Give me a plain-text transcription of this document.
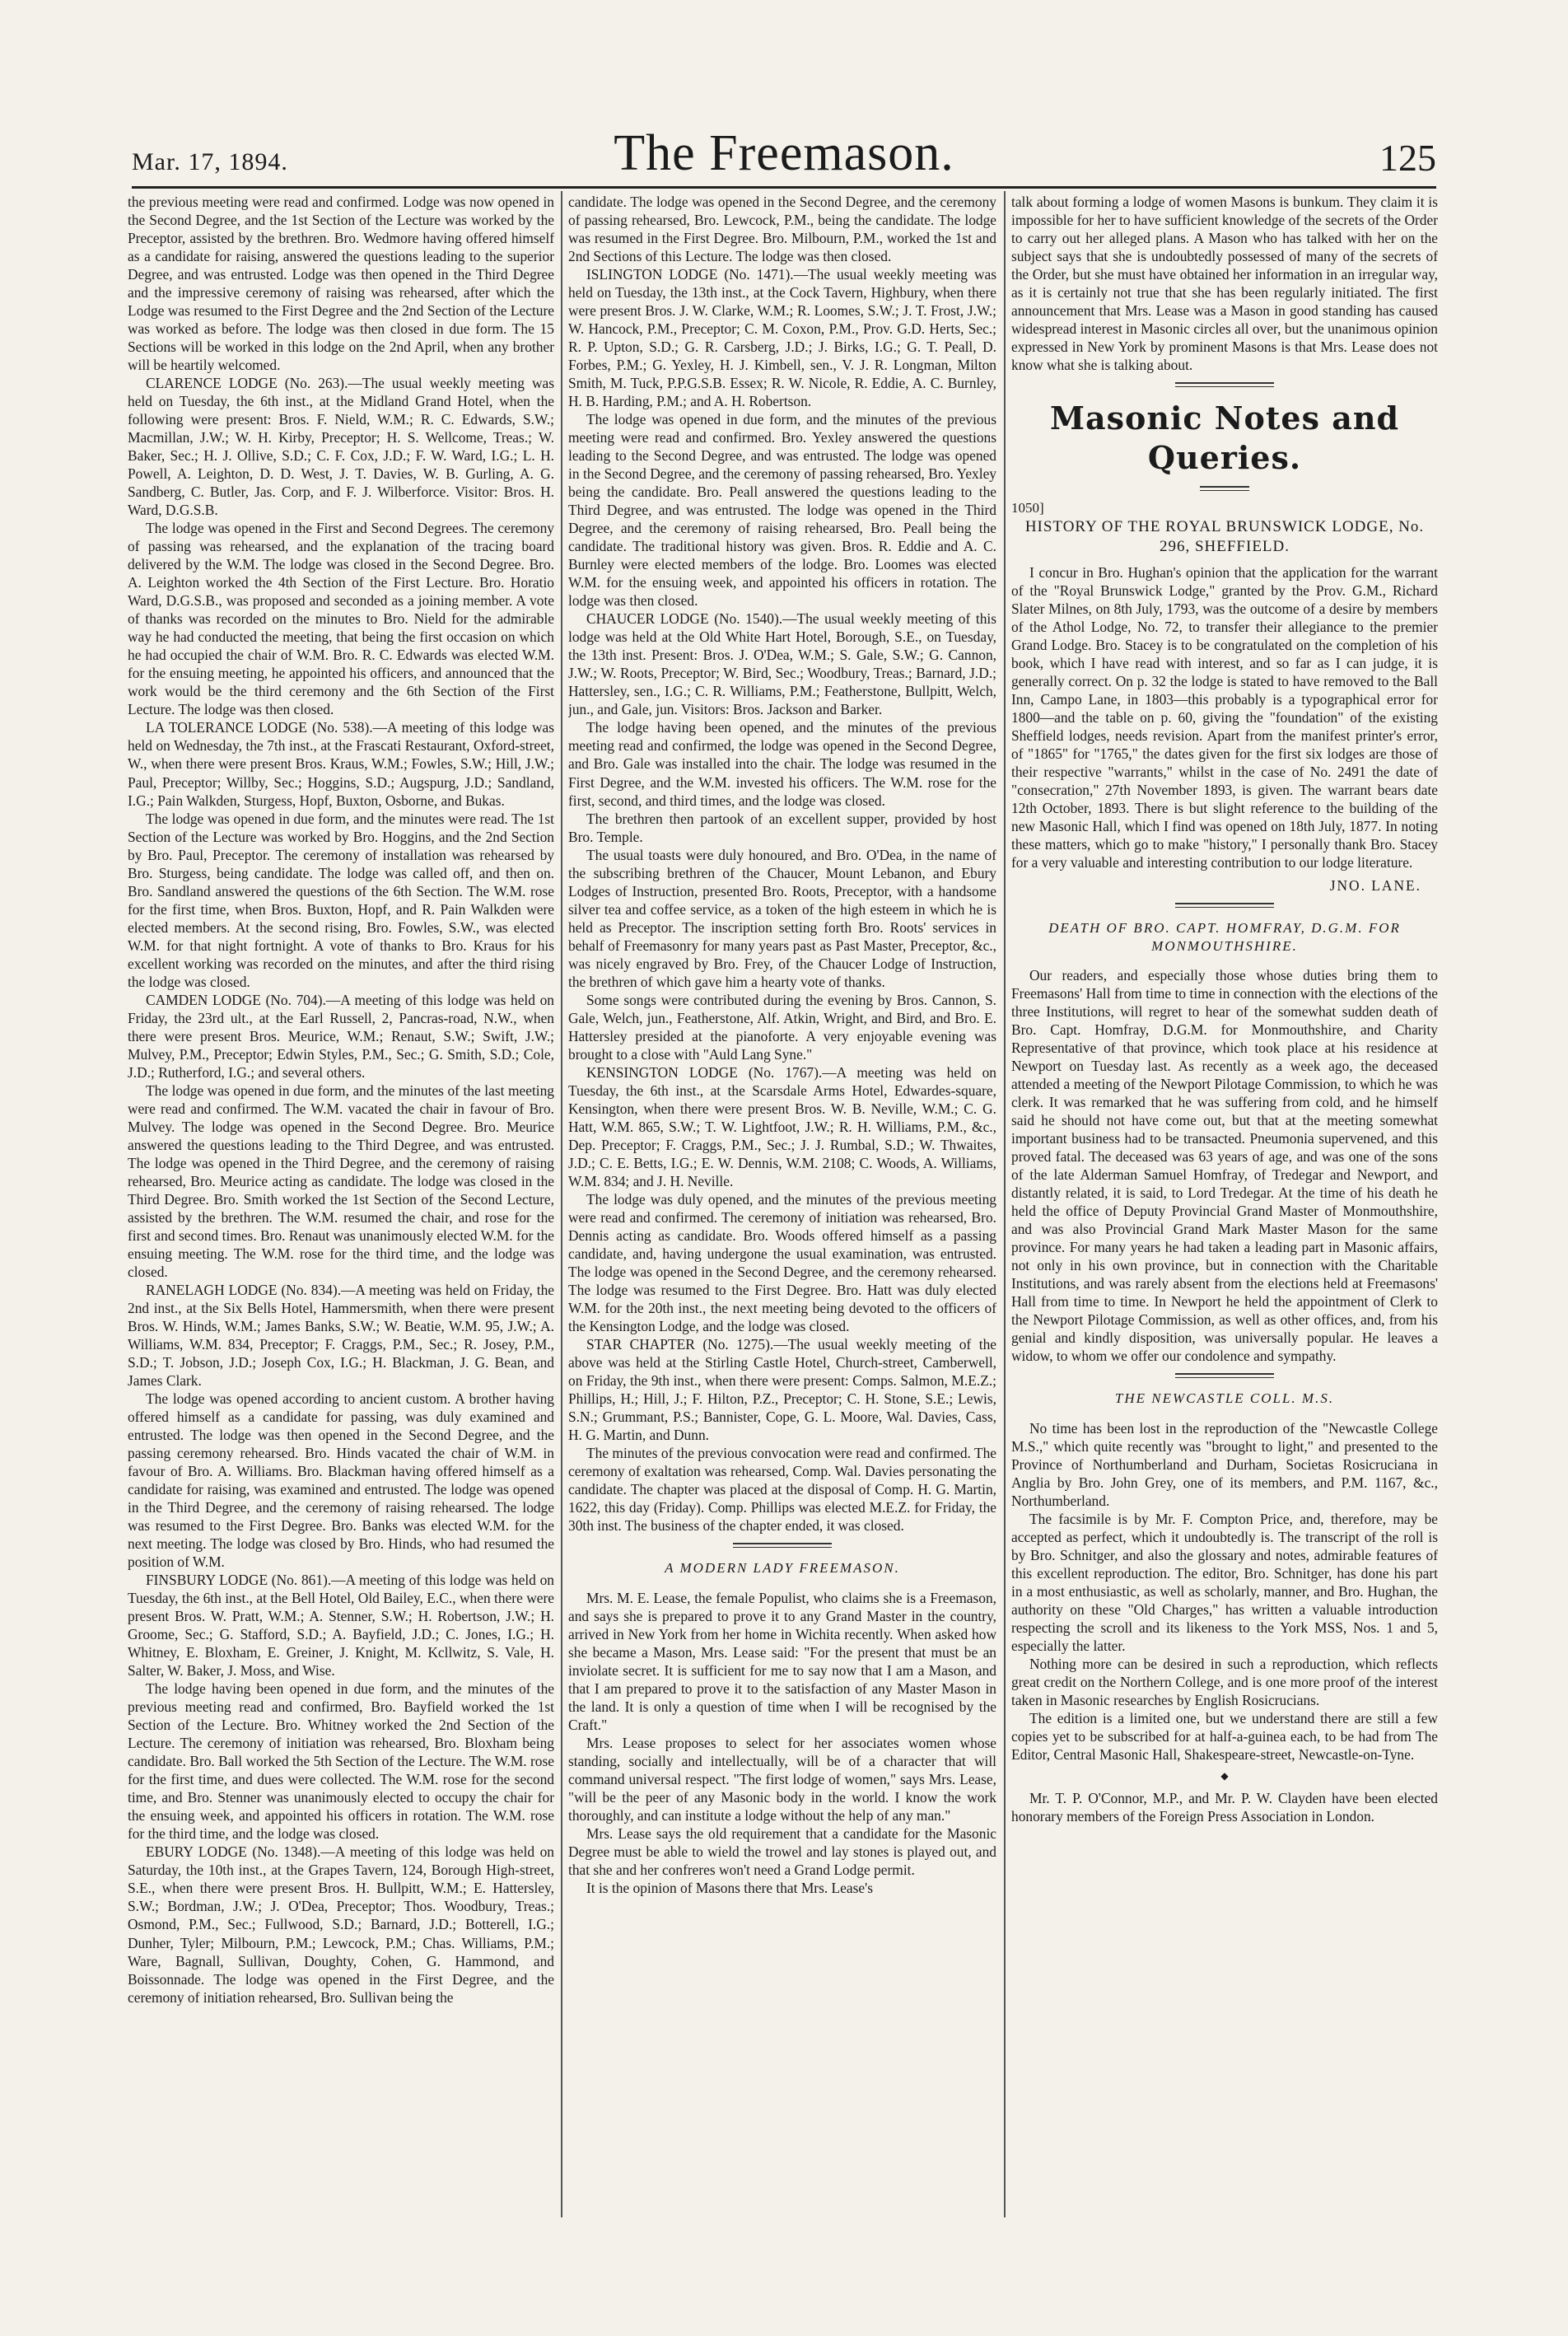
Mar. 17, 1894.	The Freemason.	125

the previous meeting were read and confirmed. Lodge was now opened in the Second Degree, and the 1st Section of the Lecture was worked by the Preceptor, assisted by the brethren. Bro. Wedmore having offered himself as a candidate for raising, answered the questions leading to the superior Degree, and was entrusted. Lodge was then opened in the Third Degree and the impressive ceremony of raising was rehearsed, after which the Lodge was resumed to the First Degree and the 2nd Section of the Lecture was worked as before. The lodge was then closed in due form. The 15 Sections will be worked in this lodge on the 2nd April, when any brother will be heartily welcomed.

CLARENCE LODGE (No. 263).—The usual weekly meeting was held on Tuesday, the 6th inst., at the Midland Grand Hotel, when the following were present: Bros. F. Nield, W.M.; R. C. Edwards, S.W.; Macmillan, J.W.; W. H. Kirby, Preceptor; H. S. Wellcome, Treas.; W. Baker, Sec.; H. J. Ollive, S.D.; C. F. Cox, J.D.; F. W. Ward, I.G.; L. H. Powell, A. Leighton, D. D. West, J. T. Davies, W. B. Gurling, A. G. Sandberg, C. Butler, Jas. Corp, and F. J. Wilberforce. Visitor: Bros. H. Ward, D.G.S.B.

The lodge was opened in the First and Second Degrees. The ceremony of passing was rehearsed, and the explanation of the tracing board delivered by the W.M. The lodge was closed in the Second Degree. Bro. A. Leighton worked the 4th Section of the First Lecture. Bro. Horatio Ward, D.G.S.B., was proposed and seconded as a joining member. A vote of thanks was recorded on the minutes to Bro. Nield for the admirable way he had conducted the meeting, that being the first occasion on which he had occupied the chair of W.M. Bro. R. C. Edwards was elected W.M. for the ensuing meeting, he appointed his officers, and announced that the work would be the third ceremony and the 6th Section of the First Lecture. The lodge was then closed.

LA TOLERANCE LODGE (No. 538).—A meeting of this lodge was held on Wednesday, the 7th inst., at the Frascati Restaurant, Oxford-street, W., when there were present Bros. Kraus, W.M.; Fowles, S.W.; Hill, J.W.; Paul, Preceptor; Willby, Sec.; Hoggins, S.D.; Augspurg, J.D.; Sandland, I.G.; Pain Walkden, Sturgess, Hopf, Buxton, Osborne, and Bukas.

The lodge was opened in due form, and the minutes were read. The 1st Section of the Lecture was worked by Bro. Hoggins, and the 2nd Section by Bro. Paul, Preceptor. The ceremony of installation was rehearsed by Bro. Sturgess, being candidate. The lodge was called off, and then on. Bro. Sandland answered the questions of the 6th Section. The W.M. rose for the first time, when Bros. Buxton, Hopf, and R. Pain Walkden were elected members. At the second rising, Bro. Fowles, S.W., was elected W.M. for that night fortnight. A vote of thanks to Bro. Kraus for his excellent working was recorded on the minutes, and after the third rising the lodge was closed.

CAMDEN LODGE (No. 704).—A meeting of this lodge was held on Friday, the 23rd ult., at the Earl Russell, 2, Pancras-road, N.W., when there were present Bros. Meurice, W.M.; Renaut, S.W.; Swift, J.W.; Mulvey, P.M., Preceptor; Edwin Styles, P.M., Sec.; G. Smith, S.D.; Cole, J.D.; Rutherford, I.G.; and several others.

The lodge was opened in due form, and the minutes of the last meeting were read and confirmed. The W.M. vacated the chair in favour of Bro. Mulvey. The lodge was opened in the Second Degree. Bro. Meurice answered the questions leading to the Third Degree, and was entrusted. The lodge was opened in the Third Degree, and the ceremony of raising rehearsed, Bro. Meurice acting as candidate. The lodge was closed in the Third Degree. Bro. Smith worked the 1st Section of the Second Lecture, assisted by the brethren. The W.M. resumed the chair, and rose for the first and second times. Bro. Renaut was unanimously elected W.M. for the ensuing meeting. The W.M. rose for the third time, and the lodge was closed.

RANELAGH LODGE (No. 834).—A meeting was held on Friday, the 2nd inst., at the Six Bells Hotel, Hammersmith, when there were present Bros. W. Hinds, W.M.; James Banks, S.W.; W. Beatie, W.M. 95, J.W.; A. Williams, W.M. 834, Preceptor; F. Craggs, P.M., Sec.; R. Josey, P.M., S.D.; T. Jobson, J.D.; Joseph Cox, I.G.; H. Blackman, J. G. Bean, and James Clark.

The lodge was opened according to ancient custom. A brother having offered himself as a candidate for passing, was duly examined and entrusted. The lodge was then opened in the Second Degree, and the passing ceremony rehearsed. Bro. Hinds vacated the chair of W.M. in favour of Bro. A. Williams. Bro. Blackman having offered himself as a candidate for raising, was examined and entrusted. The lodge was opened in the Third Degree, and the ceremony of raising rehearsed. The lodge was resumed to the First Degree. Bro. Banks was elected W.M. for the next meeting. The lodge was closed by Bro. Hinds, who had resumed the position of W.M.

FINSBURY LODGE (No. 861).—A meeting of this lodge was held on Tuesday, the 6th inst., at the Bell Hotel, Old Bailey, E.C., when there were present Bros. W. Pratt, W.M.; A. Stenner, S.W.; H. Robertson, J.W.; H. Groome, Sec.; G. Stafford, S.D.; A. Bayfield, J.D.; C. Jones, I.G.; H. Whitney, E. Bloxham, E. Greiner, J. Knight, M. Kcllwitz, S. Vale, H. Salter, W. Baker, J. Moss, and Wise.

The lodge having been opened in due form, and the minutes of the previous meeting read and confirmed, Bro. Bayfield worked the 1st Section of the Lecture. Bro. Whitney worked the 2nd Section of the Lecture. The ceremony of initiation was rehearsed, Bro. Bloxham being candidate. Bro. Ball worked the 5th Section of the Lecture. The W.M. rose for the first time, and dues were collected. The W.M. rose for the second time, and Bro. Stenner was unanimously elected to occupy the chair for the ensuing week, and appointed his officers in rotation. The W.M. rose for the third time, and the lodge was closed.

EBURY LODGE (No. 1348).—A meeting of this lodge was held on Saturday, the 10th inst., at the Grapes Tavern, 124, Borough High-street, S.E., when there were present Bros. H. Bullpitt, W.M.; E. Hattersley, S.W.; Bordman, J.W.; J. O'Dea, Preceptor; Thos. Woodbury, Treas.; Osmond, P.M., Sec.; Fullwood, S.D.; Barnard, J.D.; Botterell, I.G.; Dunher, Tyler; Milbourn, P.M.; Lewcock, P.M.; Chas. Williams, P.M.; Ware, Bagnall, Sullivan, Doughty, Cohen, G. Hammond, and Boissonnade. The lodge was opened in the First Degree, and the ceremony of initiation rehearsed, Bro. Sullivan being the

candidate. The lodge was opened in the Second Degree, and the ceremony of passing rehearsed, Bro. Lewcock, P.M., being the candidate. The lodge was resumed in the First Degree. Bro. Milbourn, P.M., worked the 1st and 2nd Sections of this Lecture. The lodge was then closed.

ISLINGTON LODGE (No. 1471).—The usual weekly meeting was held on Tuesday, the 13th inst., at the Cock Tavern, Highbury, when there were present Bros. J. W. Clarke, W.M.; R. Loomes, S.W.; J. T. Frost, J.W.; W. Hancock, P.M., Preceptor; C. M. Coxon, P.M., Prov. G.D. Herts, Sec.; R. P. Upton, S.D.; G. R. Carsberg, J.D.; J. Birks, I.G.; G. T. Peall, D. Forbes, P.M.; G. Yexley, H. J. Kimbell, sen., V. J. R. Longman, Milton Smith, M. Tuck, P.P.G.S.B. Essex; R. W. Nicole, R. Eddie, A. C. Burnley, H. B. Harding, P.M.; and A. H. Robertson.

The lodge was opened in due form, and the minutes of the previous meeting were read and confirmed. Bro. Yexley answered the questions leading to the Second Degree, and was entrusted. The lodge was opened in the Second Degree, and the ceremony of passing rehearsed, Bro. Yexley being the candidate. Bro. Peall answered the questions leading to the Third Degree, and was entrusted. The lodge was opened in the Third Degree, and the ceremony of raising rehearsed, Bro. Peall being the candidate. The traditional history was given. Bros. R. Eddie and A. C. Burnley were elected members of the lodge. Bro. Loomes was elected W.M. for the ensuing week, and appointed his officers in rotation. The lodge was then closed.

CHAUCER LODGE (No. 1540).—The usual weekly meeting of this lodge was held at the Old White Hart Hotel, Borough, S.E., on Tuesday, the 13th inst. Present: Bros. J. O'Dea, W.M.; S. Gale, S.W.; G. Cannon, J.W.; W. Roots, Preceptor; W. Bird, Sec.; Woodbury, Treas.; Barnard, J.D.; Hattersley, sen., I.G.; C. R. Williams, P.M.; Featherstone, Bullpitt, Welch, jun., and Gale, jun. Visitors: Bros. Jackson and Barker.

The lodge having been opened, and the minutes of the previous meeting read and confirmed, the lodge was opened in the Second Degree, and Bro. Gale was installed into the chair. The lodge was resumed in the First Degree, and the W.M. invested his officers. The W.M. rose for the first, second, and third times, and the lodge was closed.

The brethren then partook of an excellent supper, provided by host Bro. Temple.

The usual toasts were duly honoured, and Bro. O'Dea, in the name of the subscribing brethren of the Chaucer, Mount Lebanon, and Ebury Lodges of Instruction, presented Bro. Roots, Preceptor, with a handsome silver tea and coffee service, as a token of the high esteem in which he is held as Preceptor. The inscription setting forth Bro. Roots' services in behalf of Freemasonry for many years past as Past Master, Preceptor, &c., was nicely engraved by Bro. Frey, of the Chaucer Lodge of Instruction, the brethren of which gave him a hearty vote of thanks.

Some songs were contributed during the evening by Bros. Cannon, S. Gale, Welch, jun., Featherstone, Alf. Atkin, Wright, and Bird, and Bro. E. Hattersley presided at the pianoforte. A very enjoyable evening was brought to a close with "Auld Lang Syne."

KENSINGTON LODGE (No. 1767).—A meeting was held on Tuesday, the 6th inst., at the Scarsdale Arms Hotel, Edwardes-square, Kensington, when there were present Bros. W. B. Neville, W.M.; C. G. Hatt, W.M. 865, S.W.; T. W. Lightfoot, J.W.; R. H. Williams, P.M., &c., Dep. Preceptor; F. Craggs, P.M., Sec.; J. J. Rumbal, S.D.; W. Thwaites, J.D.; C. E. Betts, I.G.; E. W. Dennis, W.M. 2108; C. Woods, A. Williams, W.M. 834; and J. H. Neville.

The lodge was duly opened, and the minutes of the previous meeting were read and confirmed. The ceremony of initiation was rehearsed, Bro. Dennis acting as candidate. Bro. Woods offered himself as a passing candidate, and, having undergone the usual examination, was entrusted. The lodge was opened in the Second Degree, and the ceremony rehearsed. The lodge was resumed to the First Degree. Bro. Hatt was duly elected W.M. for the 20th inst., the next meeting being devoted to the officers of the Kensington Lodge, and the lodge was closed.

STAR CHAPTER (No. 1275).—The usual weekly meeting of the above was held at the Stirling Castle Hotel, Church-street, Camberwell, on Friday, the 9th inst., when there were present: Comps. Salmon, M.E.Z.; Phillips, H.; Hill, J.; F. Hilton, P.Z., Preceptor; C. H. Stone, S.E.; Lewis, S.N.; Grummant, P.S.; Bannister, Cope, G. L. Moore, Wal. Davies, Cass, H. G. Martin, and Dunn.

The minutes of the previous convocation were read and confirmed. The ceremony of exaltation was rehearsed, Comp. Wal. Davies personating the candidate. The chapter was placed at the disposal of Comp. H. G. Martin, 1622, this day (Friday). Comp. Phillips was elected M.E.Z. for Friday, the 30th inst. The business of the chapter ended, it was closed.

A MODERN LADY FREEMASON.

Mrs. M. E. Lease, the female Populist, who claims she is a Freemason, and says she is prepared to prove it to any Grand Master in the country, arrived in New York from her home in Wichita recently. When asked how she became a Mason, Mrs. Lease said: "For the present that must be an inviolate secret. It is sufficient for me to say now that I am a Mason, and that I am prepared to prove it to the satisfaction of any Master Mason in the land. It is only a question of time when I will be recognised by the Craft."

Mrs. Lease proposes to select for her associates women whose standing, socially and intellectually, will be of a character that will command universal respect. "The first lodge of women," says Mrs. Lease, "will be the peer of any Masonic body in the world. I know the work thoroughly, and can institute a lodge without the help of any man."

Mrs. Lease says the old requirement that a candidate for the Masonic Degree must be able to wield the trowel and lay stones is played out, and that she and her confreres won't need a Grand Lodge permit.

It is the opinion of Masons there that Mrs. Lease's

talk about forming a lodge of women Masons is bunkum. They claim it is impossible for her to have sufficient knowledge of the secrets of the Order to carry out her alleged plans. A Mason who has talked with her on the subject says that she is undoubtedly possessed of many of the secrets of the Order, but she must have obtained her information in an irregular way, as it is certainly not true that she has been regularly initiated. The first announcement that Mrs. Lease was a Mason in good standing has caused widespread interest in Masonic circles all over, but the unanimous opinion expressed in New York by prominent Masons is that Mrs. Lease does not know what she is talking about.

Masonic Notes and Queries.

1050]

HISTORY OF THE ROYAL BRUNSWICK LODGE, No. 296, SHEFFIELD.

I concur in Bro. Hughan's opinion that the application for the warrant of the "Royal Brunswick Lodge," granted by the Prov. G.M., Richard Slater Milnes, on 8th July, 1793, was the outcome of a desire by members of the Athol Lodge, No. 72, to transfer their allegiance to the premier Grand Lodge. Bro. Stacey is to be congratulated on the completion of his book, which I have read with interest, and so far as I can judge, it is generally correct. On p. 32 the lodge is stated to have removed to the Ball Inn, Campo Lane, in 1803—this probably is a typographical error for 1800—and the table on p. 60, giving the "foundation" of the existing Sheffield lodges, needs revision. Apart from the manifest printer's error, of "1865" for "1765," the dates given for the first six lodges are those of their respective "warrants," whilst in the case of No. 2491 the date of "consecration," 27th November 1893, is given. The warrant bears date 12th October, 1893. There is but slight reference to the building of the new Masonic Hall, which I find was opened on 18th July, 1877. In noting these matters, which go to make "history," I personally thank Bro. Stacey for a very valuable and interesting contribution to our lodge literature.

JNO. LANE.

DEATH OF BRO. CAPT. HOMFRAY, D.G.M. FOR MONMOUTHSHIRE.

Our readers, and especially those whose duties bring them to Freemasons' Hall from time to time in connection with the elections of the three Institutions, will regret to hear of the somewhat sudden death of Bro. Capt. Homfray, D.G.M. for Monmouthshire, and Charity Representative of that province, which took place at his residence at Newport on Tuesday last. As recently as a week ago, the deceased attended a meeting of the Newport Pilotage Commission, to which he was clerk. It was remarked that he was suffering from cold, and he himself said he should not have come out, but that at the meeting somewhat important business had to be transacted. Pneumonia supervened, and this proved fatal. The deceased was 63 years of age, and was one of the sons of the late Alderman Samuel Homfray, of Tredegar and Newport, and distantly related, it is said, to Lord Tredegar. At the time of his death he held the office of Deputy Provincial Grand Master of Monmouthshire, and was also Provincial Grand Mark Master Mason for the same province. For many years he had taken a leading part in Masonic affairs, not only in his own province, but in connection with the Charitable Institutions, and was rarely absent from the elections held at Freemasons' Hall from time to time. In Newport he held the appointment of Clerk to the Newport Pilotage Commission, as well as other offices, and, from his genial and kindly disposition, was universally popular. He leaves a widow, to whom we offer our condolence and sympathy.

THE NEWCASTLE COLL. M.S.

No time has been lost in the reproduction of the "Newcastle College M.S.," which quite recently was "brought to light," and presented to the Province of Northumberland and Durham, Societas Rosicruciana in Anglia by Bro. John Grey, one of its members, and P.M. 1167, &c., Northumberland.

The facsimile is by Mr. F. Compton Price, and, therefore, may be accepted as perfect, which it undoubtedly is. The transcript of the roll is by Bro. Schnitger, and also the glossary and notes, admirable features of this excellent reproduction. The editor, Bro. Schnitger, has done his part in a most enthusiastic, as well as scholarly, manner, and Bro. Hughan, the authority on these "Old Charges," has written a valuable introduction respecting the scroll and its likeness to the York MSS, Nos. 1 and 5, especially the latter.

Nothing more can be desired in such a reproduction, which reflects great credit on the Northern College, and is one more proof of the interest taken in Masonic researches by English Rosicrucians.

The edition is a limited one, but we understand there are still a few copies yet to be subscribed for at half-a-guinea each, to be had from The Editor, Central Masonic Hall, Shakespeare-street, Newcastle-on-Tyne.

◆

Mr. T. P. O'Connor, M.P., and Mr. P. W. Clayden have been elected honorary members of the Foreign Press Association in London.
